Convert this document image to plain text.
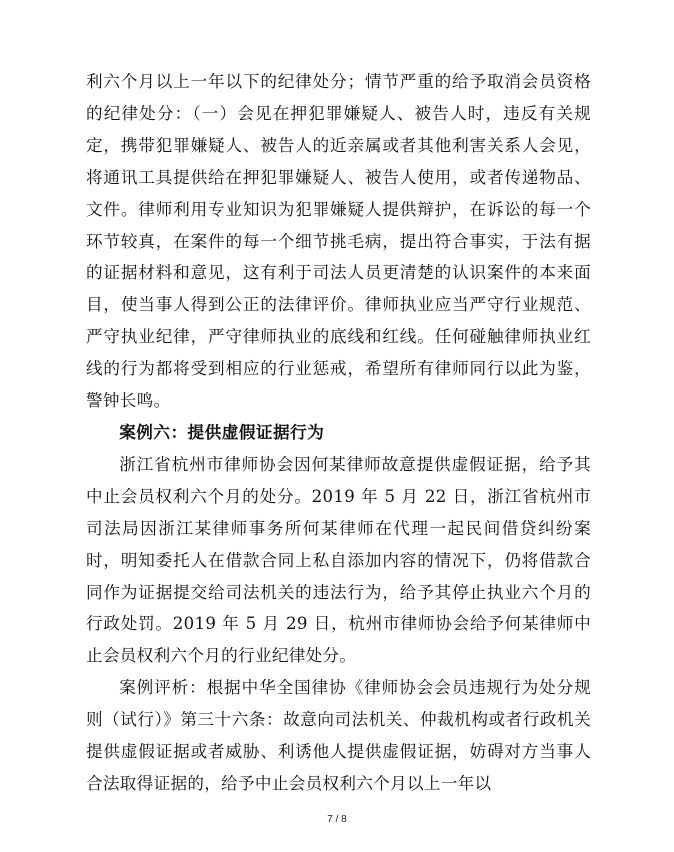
利六个月以上一年以下的纪律处分；情节严重的给予取消会员资格的纪律处分：（一）会见在押犯罪嫌疑人、被告人时，违反有关规定，携带犯罪嫌疑人、被告人的近亲属或者其他利害关系人会见，将通讯工具提供给在押犯罪嫌疑人、被告人使用，或者传递物品、文件。律师利用专业知识为犯罪嫌疑人提供辩护，在诉讼的每一个环节较真，在案件的每一个细节挑毛病，提出符合事实，于法有据的证据材料和意见，这有利于司法人员更清楚的认识案件的本来面目，使当事人得到公正的法律评价。律师执业应当严守行业规范、严守执业纪律，严守律师执业的底线和红线。任何碰触律师执业红线的行为都将受到相应的行业惩戒，希望所有律师同行以此为鉴，警钟长鸣。

案例六：提供虚假证据行为

浙江省杭州市律师协会因何某律师故意提供虚假证据，给予其中止会员权利六个月的处分。2019 年 5 月 22 日，浙江省杭州市司法局因浙江某律师事务所何某律师在代理一起民间借贷纠纷案时，明知委托人在借款合同上私自添加内容的情况下，仍将借款合同作为证据提交给司法机关的违法行为，给予其停止执业六个月的行政处罚。2019 年 5 月 29 日，杭州市律师协会给予何某律师中止会员权利六个月的行业纪律处分。

案例评析：根据中华全国律协《律师协会会员违规行为处分规则（试行）》第三十六条：故意向司法机关、仲裁机构或者行政机关提供虚假证据或者威胁、利诱他人提供虚假证据，妨碍对方当事人合法取得证据的，给予中止会员权利六个月以上一年以

7 / 8
